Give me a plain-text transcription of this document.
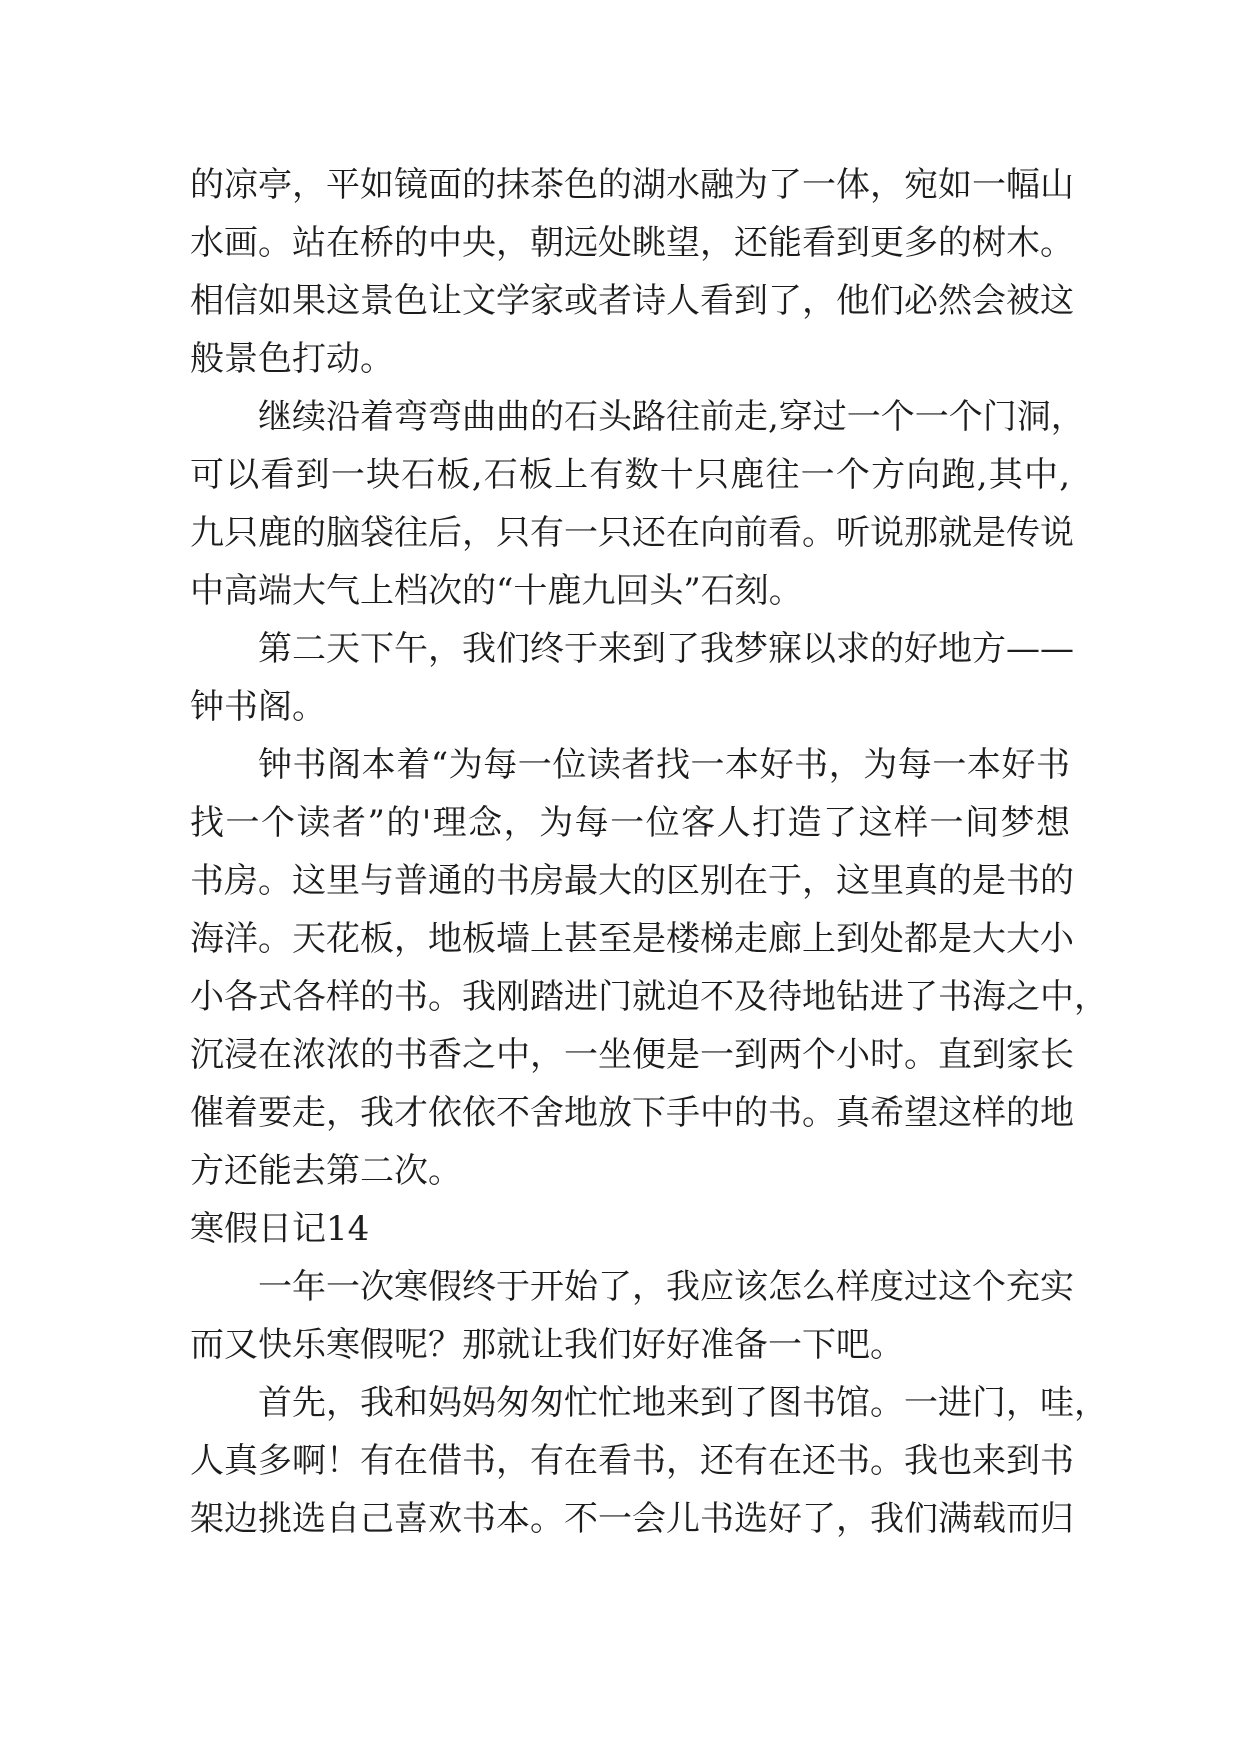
的凉亭，平如镜面的抹茶色的湖水融为了一体，宛如一幅山
水画。站在桥的中央，朝远处眺望，还能看到更多的树木。
相信如果这景色让文学家或者诗人看到了，他们必然会被这
般景色打动。
继续沿着弯弯曲曲的石头路往前走,穿过一个一个门洞，
可以看到一块石板,石板上有数十只鹿往一个方向跑,其中,
九只鹿的脑袋往后，只有一只还在向前看。听说那就是传说
中高端大气上档次的“十鹿九回头”石刻。
第二天下午，我们终于来到了我梦寐以求的好地方——
钟书阁。
钟书阁本着“为每一位读者找一本好书，为每一本好书
找一个读者”的'理念，为每一位客人打造了这样一间梦想
书房。这里与普通的书房最大的区别在于，这里真的是书的
海洋。天花板，地板墙上甚至是楼梯走廊上到处都是大大小
小各式各样的书。我刚踏进门就迫不及待地钻进了书海之中，
沉浸在浓浓的书香之中，一坐便是一到两个小时。直到家长
催着要走，我才依依不舍地放下手中的书。真希望这样的地
方还能去第二次。
寒假日记14
一年一次寒假终于开始了，我应该怎么样度过这个充实
而又快乐寒假呢？那就让我们好好准备一下吧。
首先，我和妈妈匆匆忙忙地来到了图书馆。一进门，哇，
人真多啊！有在借书，有在看书，还有在还书。我也来到书
架边挑选自己喜欢书本。不一会儿书选好了，我们满载而归
